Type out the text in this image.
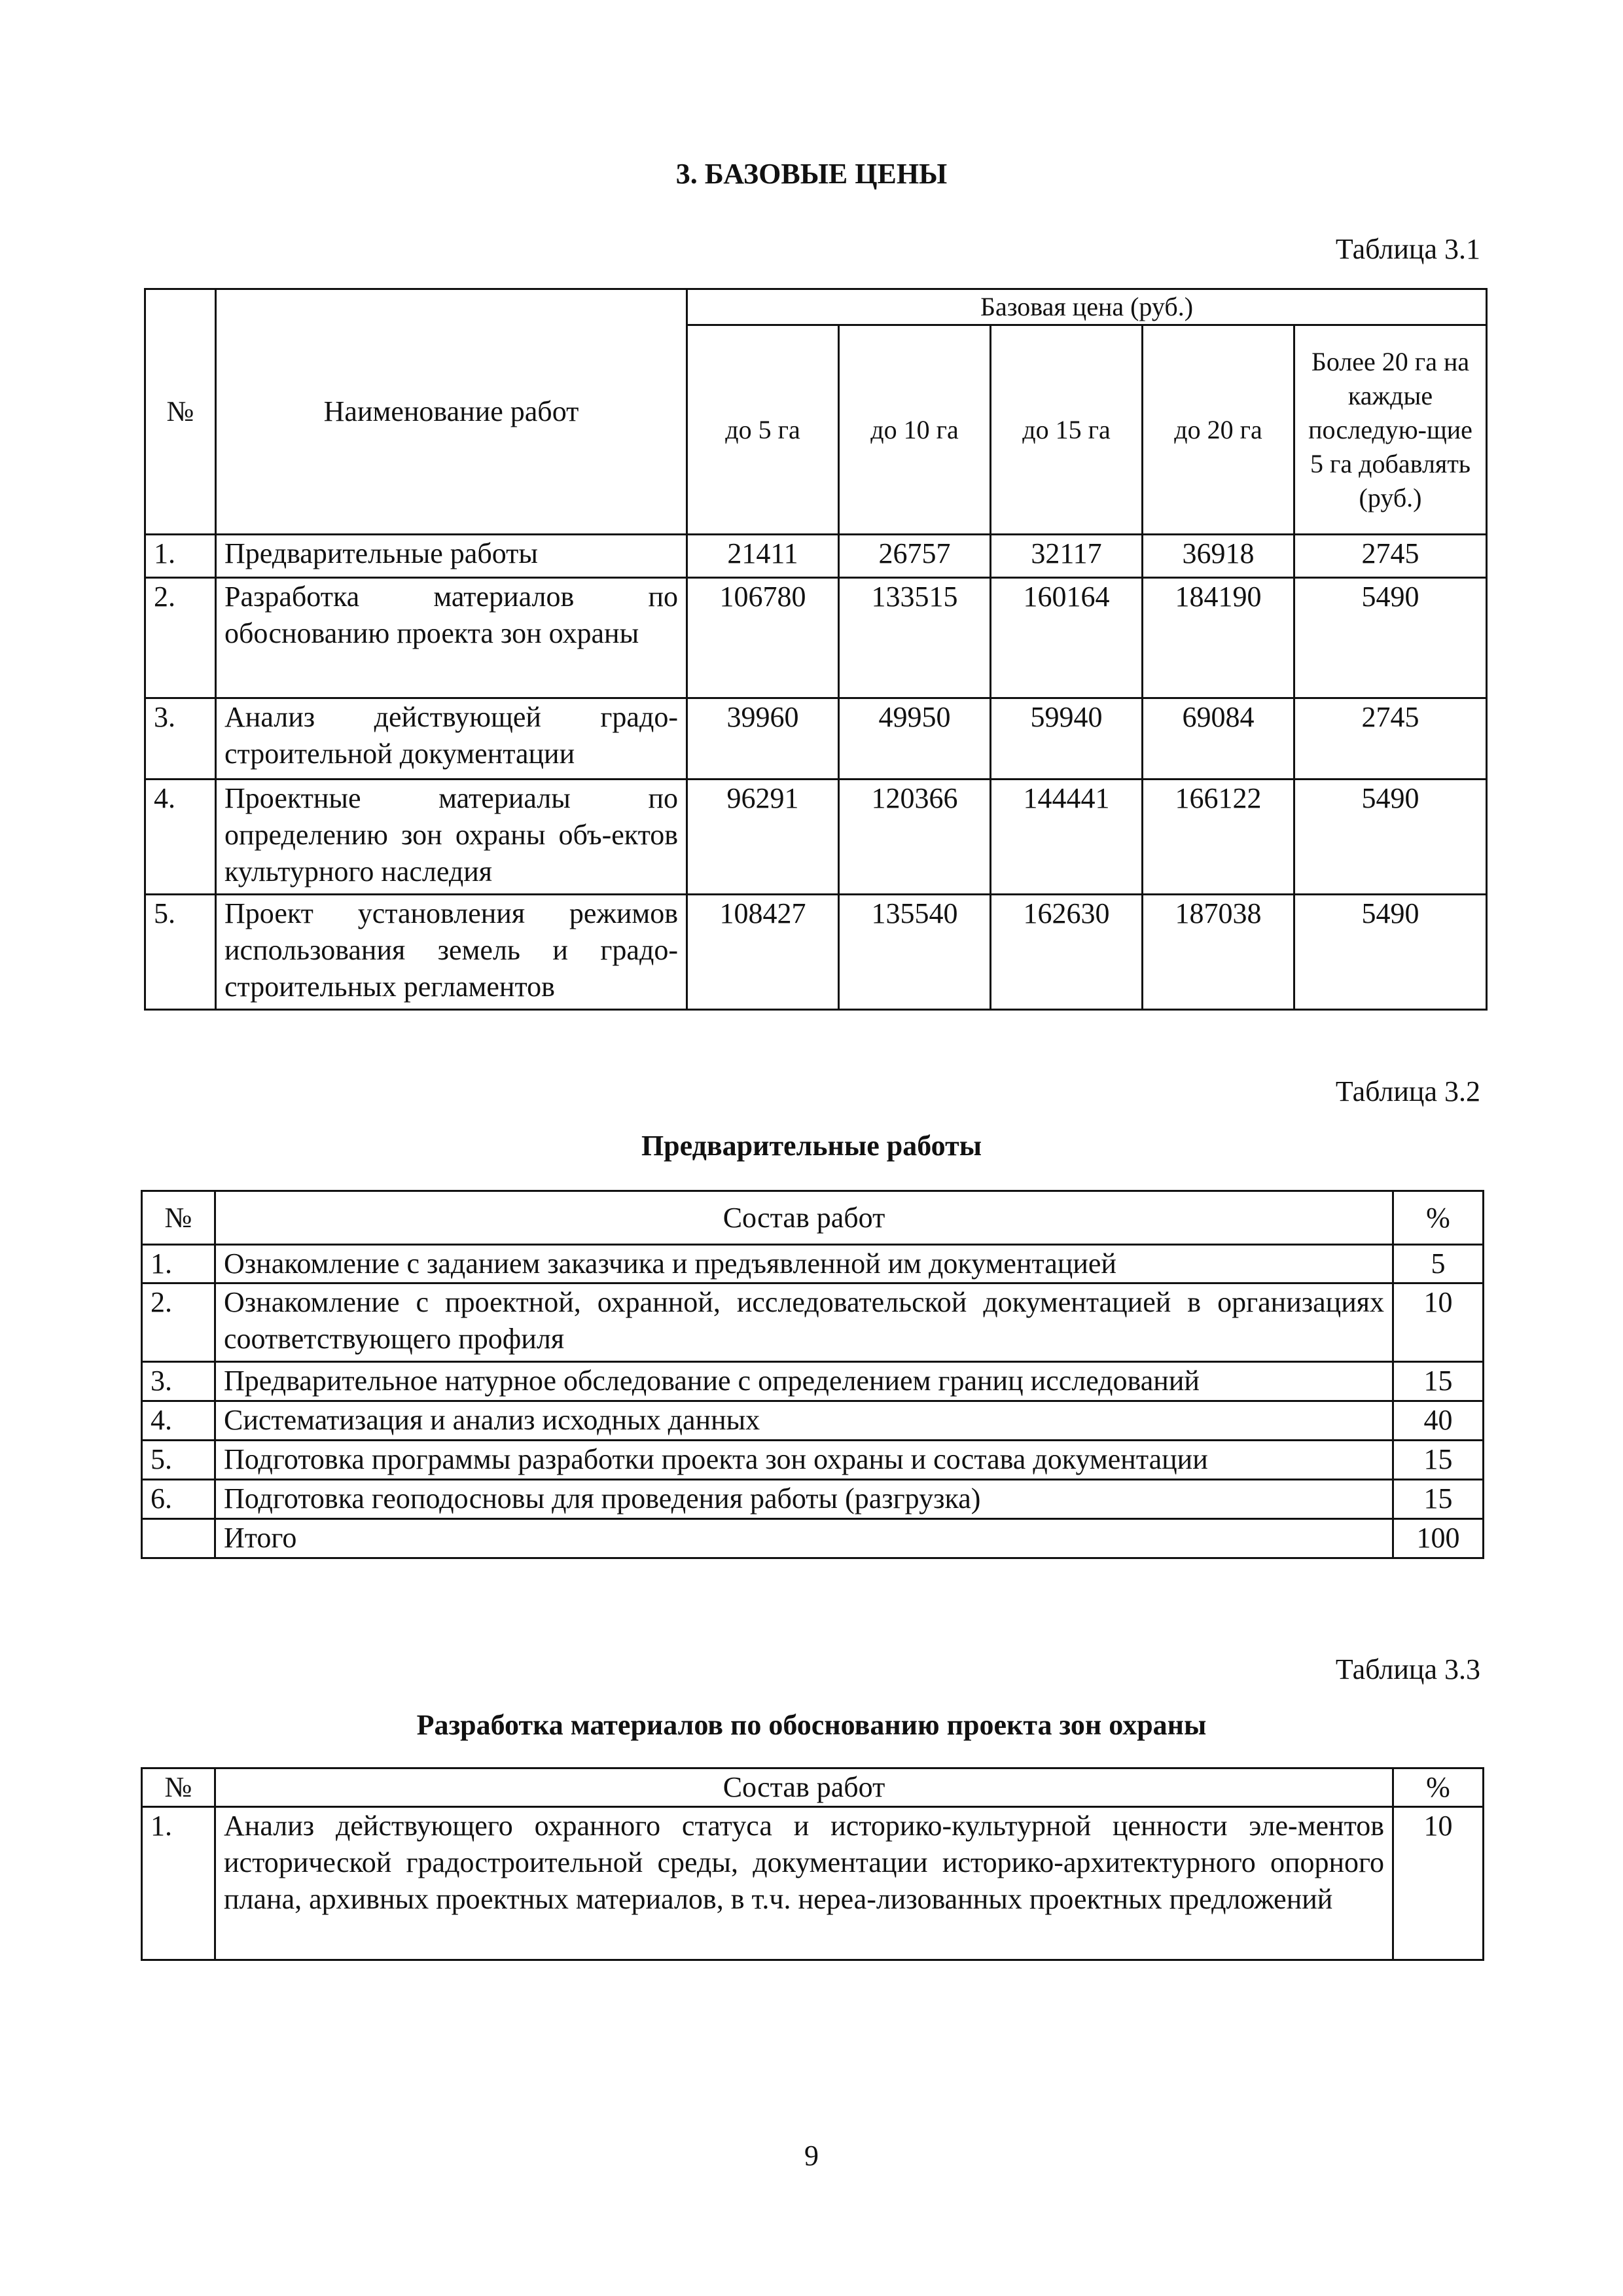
3. БАЗОВЫЕ ЦЕНЫ
Таблица 3.1
№	Наименование работ	Базовая цена (руб.)				
		до 5 га	до 10 га	до 15 га	до 20 га	Более 20 га на каждые последую-щие 5 га добавлять (руб.)
1.	Предварительные работы	21411	26757	32117	36918	2745
2.	Разработка материалов по обоснованию проекта зон охраны	106780	133515	160164	184190	5490
3.	Анализ действующей градо-строительной документации	39960	49950	59940	69084	2745
4.	Проектные материалы по определению зон охраны объ-ектов культурного наследия	96291	120366	144441	166122	5490
5.	Проект установления режимов использования земель и градо-строительных регламентов	108427	135540	162630	187038	5490
Таблица 3.2
Предварительные работы
№	Состав работ	%
1.	Ознакомление с заданием заказчика и предъявленной им документацией	5
2.	Ознакомление с проектной, охранной, исследовательской документацией в организациях соответствующего профиля	10
3.	Предварительное натурное обследование с определением границ исследований	15
4.	Систематизация и анализ исходных данных	40
5.	Подготовка программы разработки проекта зон охраны и состава документации	15
6.	Подготовка геоподосновы для проведения работы (разгрузка)	15
	Итого	100
Таблица 3.3
Разработка материалов по обоснованию проекта зон охраны
№	Состав работ	%
1.	Анализ действующего охранного статуса и историко-культурной ценности эле-ментов исторической градостроительной среды, документации историко-архитектурного опорного плана, архивных проектных материалов, в т.ч. нереа-лизованных проектных предложений	10
9
